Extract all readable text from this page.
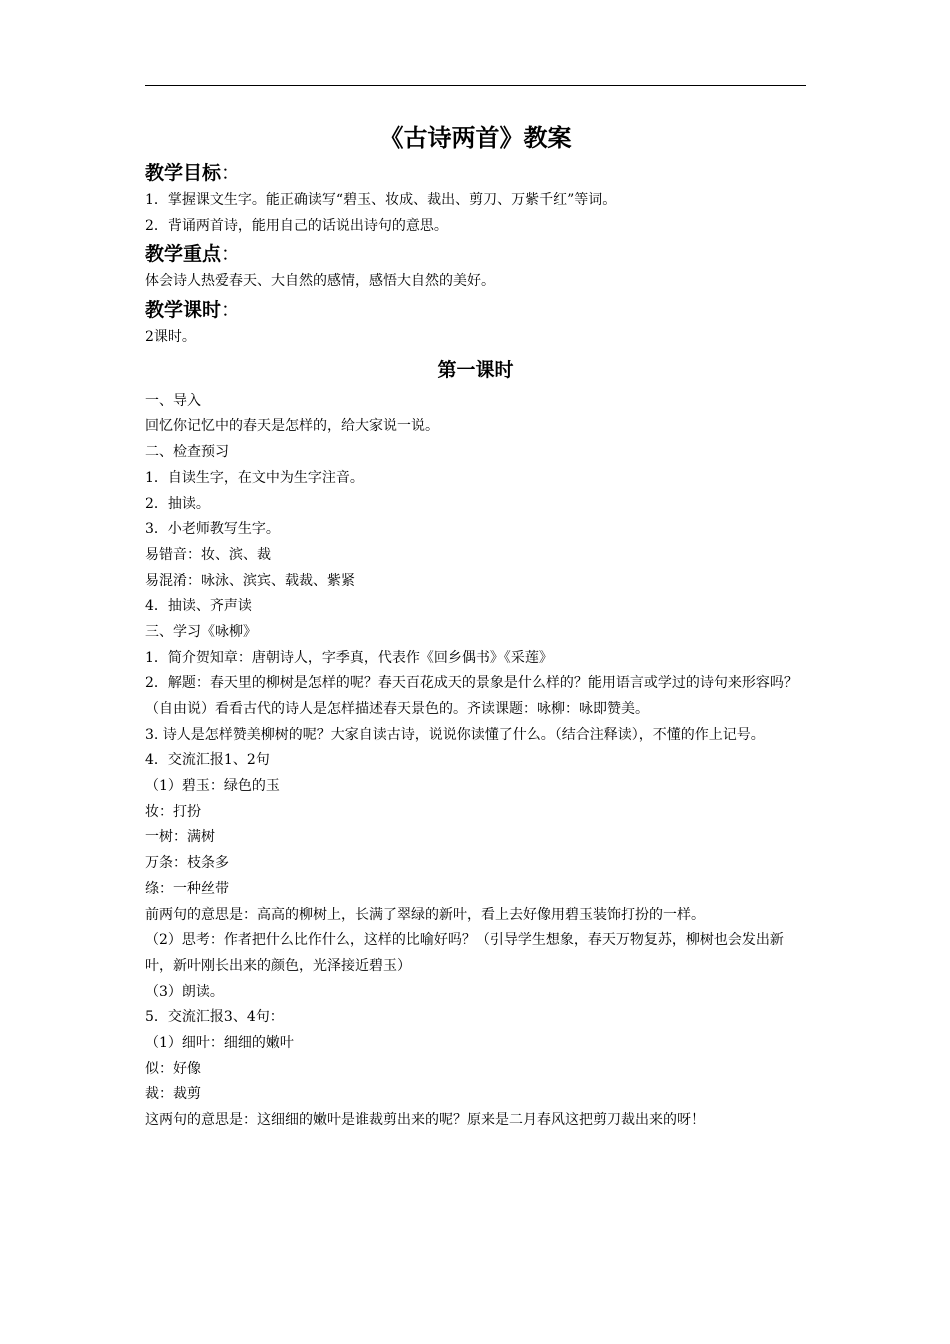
《古诗两首》教案
教学目标：

1．掌握课文生字。能正确读写“碧玉、妆成、裁出、剪刀、万紫千红”等词。

2．背诵两首诗，能用自己的话说出诗句的意思。

教学重点：

体会诗人热爱春天、大自然的感情，感悟大自然的美好。

教学课时：

2课时。

第一课时

一、导入

回忆你记忆中的春天是怎样的，给大家说一说。

二、检查预习

1．自读生字，在文中为生字注音。

2．抽读。

3．小老师教写生字。

易错音：妆、滨、裁

易混淆：咏泳、滨宾、载裁、紫紧

4．抽读、齐声读

三、学习《咏柳》

1．简介贺知章：唐朝诗人，字季真，代表作《回乡偶书》《采莲》

2．解题：春天里的柳树是怎样的呢？春天百花成天的景象是什么样的？能用语言或学过的诗句来形容吗？（自由说）看看古代的诗人是怎样描述春天景色的。齐读课题：咏柳：咏即赞美。

3. 诗人是怎样赞美柳树的呢？大家自读古诗，说说你读懂了什么。（结合注释读），不懂的作上记号。

4．交流汇报1、2句

（1）碧玉：绿色的玉

妆：打扮

一树：满树

万条：枝条多

绦：一种丝带

前两句的意思是：高高的柳树上，长满了翠绿的新叶，看上去好像用碧玉装饰打扮的一样。

（2）思考：作者把什么比作什么，这样的比喻好吗？（引导学生想象，春天万物复苏，柳树也会发出新叶，新叶刚长出来的颜色，光泽接近碧玉）

（3）朗读。

5．交流汇报3、4句：

（1）细叶：细细的嫩叶

似：好像

裁：裁剪

这两句的意思是：这细细的嫩叶是谁裁剪出来的呢？原来是二月春风这把剪刀裁出来的呀！
